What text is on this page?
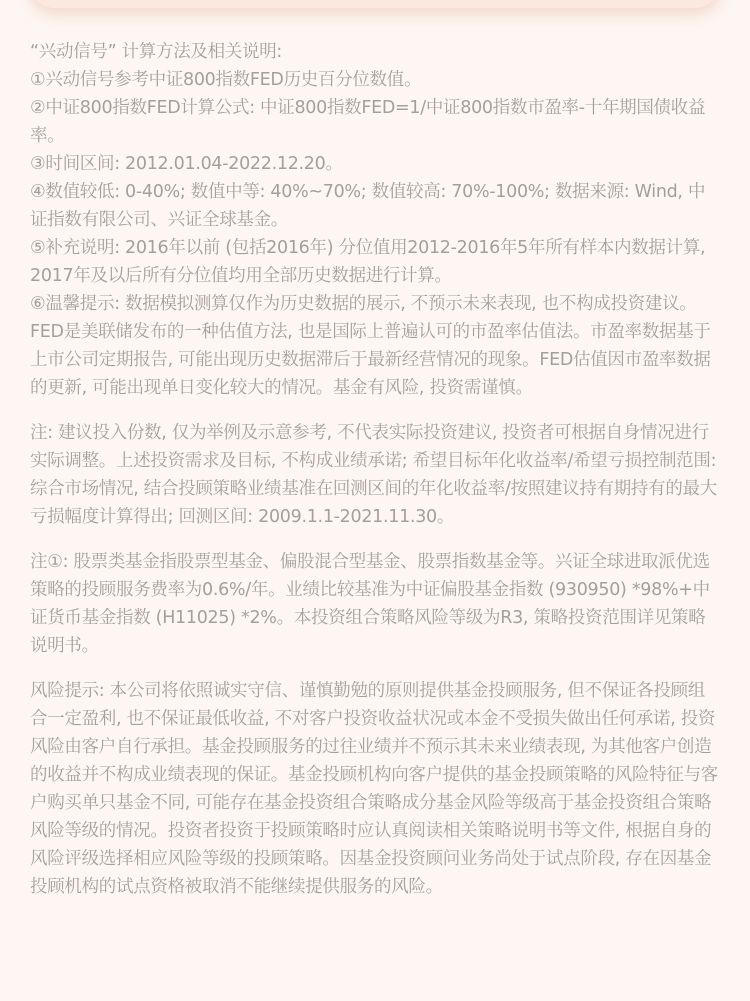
“兴动信号” 计算方法及相关说明:

①兴动信号参考中证800指数FED历史百分位数值。

②中证800指数FED计算公式: 中证800指数FED=1/中证800指数市盈率-十年期国债收益率。

③时间区间: 2012.01.04-2022.12.20。

④数值较低: 0-40%; 数值中等: 40%~70%; 数值较高: 70%-100%; 数据来源: Wind, 中证指数有限公司、兴证全球基金。

⑤补充说明: 2016年以前 (包括2016年) 分位值用2012-2016年5年所有样本内数据计算, 2017年及以后所有分位值均用全部历史数据进行计算。

⑥温馨提示: 数据模拟测算仅作为历史数据的展示, 不预示未来表现, 也不构成投资建议。FED是美联储发布的一种估值方法, 也是国际上普遍认可的市盈率估值法。市盈率数据基于上市公司定期报告, 可能出现历史数据滞后于最新经营情况的现象。FED估值因市盈率数据的更新, 可能出现单日变化较大的情况。基金有风险, 投资需谨慎。

注: 建议投入份数, 仅为举例及示意参考, 不代表实际投资建议, 投资者可根据自身情况进行实际调整。上述投资需求及目标, 不构成业绩承诺; 希望目标年化收益率/希望亏损控制范围: 综合市场情况, 结合投顾策略业绩基准在回测区间的年化收益率/按照建议持有期持有的最大亏损幅度计算得出; 回测区间: 2009.1.1-2021.11.30。

注①: 股票类基金指股票型基金、偏股混合型基金、股票指数基金等。兴证全球进取派优选策略的投顾服务费率为0.6%/年。业绩比较基准为中证偏股基金指数 (930950) *98%+中证货币基金指数 (H11025) *2%。本投资组合策略风险等级为R3, 策略投资范围详见策略说明书。

风险提示: 本公司将依照诚实守信、谨慎勤勉的原则提供基金投顾服务, 但不保证各投顾组合一定盈利, 也不保证最低收益, 不对客户投资收益状况或本金不受损失做出任何承诺, 投资风险由客户自行承担。基金投顾服务的过往业绩并不预示其未来业绩表现, 为其他客户创造的收益并不构成业绩表现的保证。基金投顾机构向客户提供的基金投顾策略的风险特征与客户购买单只基金不同, 可能存在基金投资组合策略成分基金风险等级高于基金投资组合策略风险等级的情况。投资者投资于投顾策略时应认真阅读相关策略说明书等文件, 根据自身的风险评级选择相应风险等级的投顾策略。因基金投资顾问业务尚处于试点阶段, 存在因基金投顾机构的试点资格被取消不能继续提供服务的风险。
